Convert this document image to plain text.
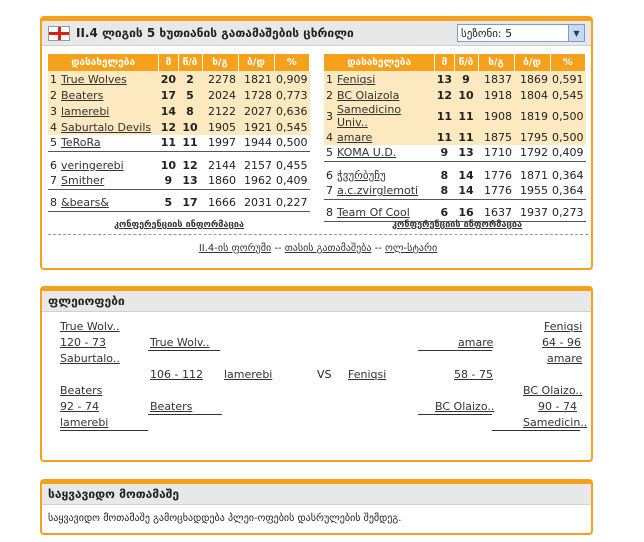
II.4 ლიგის 5 ხუთიანის გათამაშების ცხრილი	სეზონი: 5	▼
დასახელება		მ	წ/ბ	ხ/გ	ბ/დ	%
1	True Wolves	20	2	2278	1821	0,909
2	Beaters	17	5	2024	1728	0,773
3	lamerebi	14	8	2122	2027	0,636
4	Saburtalo Devils	12	10	1905	1921	0,545
5	TeRoRa	11	11	1997	1944	0,500

6	veringerebi	10	12	2144	2157	0,455
7	Smither	9	13	1860	1962	0,409

8	&bears&	5	17	1666	2031	0,227
დასახელება		მ	წ/ბ	ხ/გ	ბ/დ	%
1	Feniqsi	13	9	1837	1869	0,591
2	BC Olaizola	12	10	1918	1804	0,545
3	Samedicino Univ..	11	11	1908	1819	0,500
4	amare	11	11	1875	1795	0,500
5	KOMA U.D.	9	13	1710	1792	0,409

6	ჭვურბუჩუ	8	14	1776	1871	0,364
7	a.c.zvirglemoti	8	14	1776	1955	0,364

8	Team Of Cool	6	16	1637	1937	0,273
კონფერენციის ინფორმაცია	კონფერენციის ინფორმაცია
II.4-ის ფორუმი -- თასის გათამაშება -- ოლ-სტარი
ფლეიოფები
True Wolv..
120 - 73
Saburtalo..
Beaters
92 - 74
lamerebi
True Wolv..
106 - 112
Beaters
lamerebi	VS Feniqsi
amare
58 - 75
BC Olaizo..
Feniqsi
64 - 96
amare
BC Olaizo..
90 - 74
Samedicin..
საყვავიდო მოთამაშე
საყვავიდო მოთამაშე გამოცხადდება პლეი-ოფების დასრულების შემდეგ.
